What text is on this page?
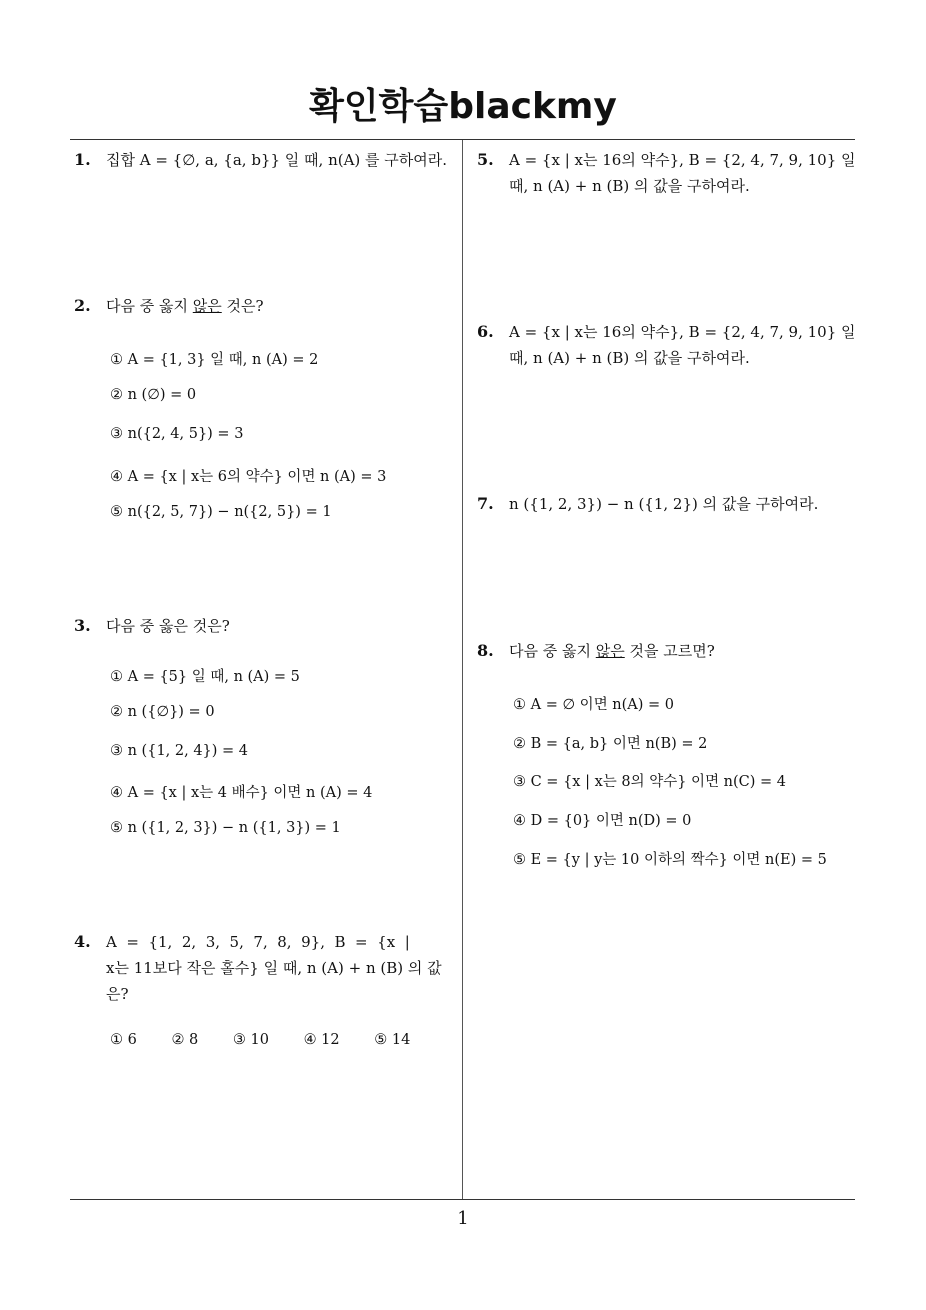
확인학습blackmy
1. 집합 A = {∅, a, {a, b}} 일 때, n(A) 를 구하여라.
2. 다음 중 옳지 않은 것은?
① A = {1, 3} 일 때, n (A) = 2
② n (∅) = 0
③ n({2, 4, 5}) = 3
④ A = {x | x는 6의 약수} 이면 n (A) = 3
⑤ n({2, 5, 7}) − n({2, 5}) = 1
3. 다음 중 옳은 것은?
① A = {5} 일 때, n (A) = 5
② n ({∅}) = 0
③ n ({1, 2, 4}) = 4
④ A = {x | x는 4 배수} 이면 n (A) = 4
⑤ n ({1, 2, 3}) − n ({1, 3}) = 1
4. A  =  {1,  2,  3,  5,  7,  8,  9},  B  =  {x  |
x는 11보다 작은 홀수} 일 때, n (A) + n (B) 의 값
은?
① 6 ② 8 ③ 10 ④ 12 ⑤ 14
5. A = {x | x는 16의 약수}, B = {2, 4, 7, 9, 10} 일
때, n (A) + n (B) 의 값을 구하여라.
6. A = {x | x는 16의 약수}, B = {2, 4, 7, 9, 10} 일
때, n (A) + n (B) 의 값을 구하여라.
7. n ({1, 2, 3}) − n ({1, 2}) 의 값을 구하여라.
8. 다음 중 옳지 않은 것을 고르면?
① A = ∅ 이면 n(A) = 0
② B = {a, b} 이면 n(B) = 2
③ C = {x | x는 8의 약수} 이면 n(C) = 4
④ D = {0} 이면 n(D) = 0
⑤ E = {y | y는 10 이하의 짝수} 이면 n(E) = 5
1
